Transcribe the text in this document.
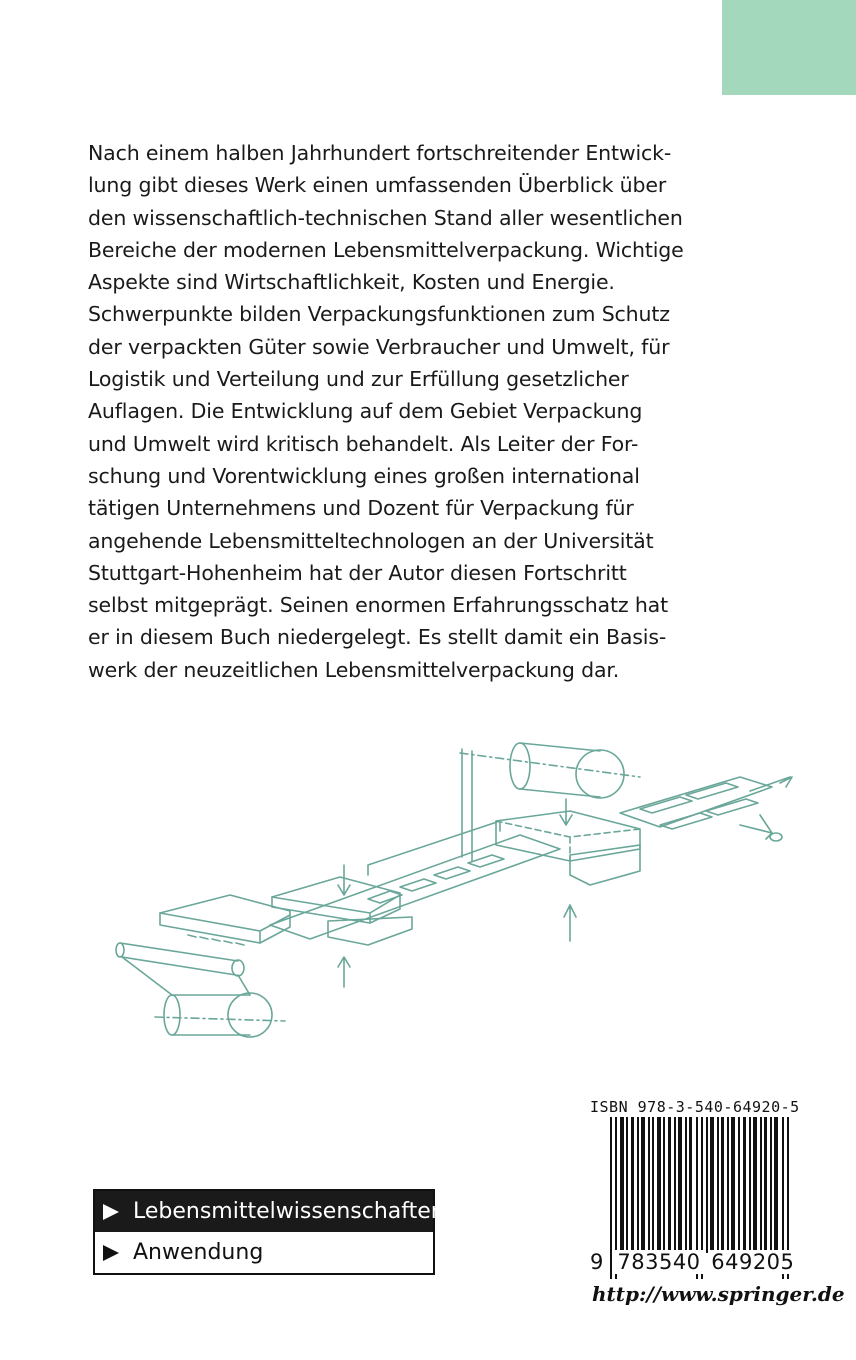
Nach einem halben Jahrhundert fortschreitender Entwick-
lung gibt dieses Werk einen umfassenden Überblick über
den wissenschaftlich-technischen Stand aller wesentlichen
Bereiche der modernen Lebensmittelverpackung. Wichtige
Aspekte sind Wirtschaftlichkeit, Kosten und Energie.
Schwerpunkte bilden Verpackungsfunktionen zum Schutz
der verpackten Güter sowie Verbraucher und Umwelt, für
Logistik und Verteilung und zur Erfüllung gesetzlicher
Auflagen. Die Entwicklung auf dem Gebiet Verpackung
und Umwelt wird kritisch behandelt. Als Leiter der For-
schung und Vorentwicklung eines großen international
tätigen Unternehmens und Dozent für Verpackung für
angehende Lebensmitteltechnologen an der Universität
Stuttgart-Hohenheim hat der Autor diesen Fortschritt
selbst mitgeprägt. Seinen enormen Erfahrungsschatz hat
er in diesem Buch niedergelegt. Es stellt damit ein Basis-
werk der neuzeitlichen Lebensmittelverpackung dar.
ISBN 978-3-540-64920-5
9 783540 649205
http://www.springer.de
Lebensmittelwissenschaften
Anwendung
